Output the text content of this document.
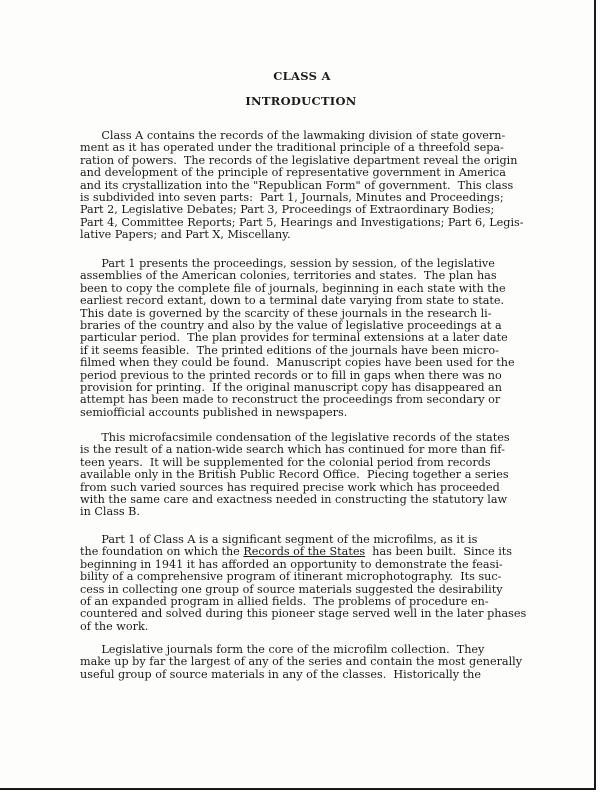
CLASS A
INTRODUCTION
Class A contains the records of the lawmaking division of state govern-
ment as it has operated under the traditional principle of a threefold sepa-
ration of powers.  The records of the legislative department reveal the origin
and development of the principle of representative government in America
and its crystallization into the "Republican Form" of government.  This class
is subdivided into seven parts:  Part 1, Journals, Minutes and Proceedings;
Part 2, Legislative Debates; Part 3, Proceedings of Extraordinary Bodies;
Part 4, Committee Reports; Part 5, Hearings and Investigations; Part 6, Legis-
lative Papers; and Part X, Miscellany.
Part 1 presents the proceedings, session by session, of the legislative
assemblies of the American colonies, territories and states.  The plan has
been to copy the complete file of journals, beginning in each state with the
earliest record extant, down to a terminal date varying from state to state.
This date is governed by the scarcity of these journals in the research li-
braries of the country and also by the value of legislative proceedings at a
particular period.  The plan provides for terminal extensions at a later date
if it seems feasible.  The printed editions of the journals have been micro-
filmed when they could be found.  Manuscript copies have been used for the
period previous to the printed records or to fill in gaps when there was no
provision for printing.  If the original manuscript copy has disappeared an
attempt has been made to reconstruct the proceedings from secondary or
semiofficial accounts published in newspapers.
This microfacsimile condensation of the legislative records of the states
is the result of a nation-wide search which has continued for more than fif-
teen years.  It will be supplemented for the colonial period from records
available only in the British Public Record Office.  Piecing together a series
from such varied sources has required precise work which has proceeded
with the same care and exactness needed in constructing the statutory law
in Class B.
Part 1 of Class A is a significant segment of the microfilms, as it is
the foundation on which the Records of the States  has been built.  Since its
beginning in 1941 it has afforded an opportunity to demonstrate the feasi-
bility of a comprehensive program of itinerant microphotography.  Its suc-
cess in collecting one group of source materials suggested the desirability
of an expanded program in allied fields.  The problems of procedure en-
countered and solved during this pioneer stage served well in the later phases
of the work.
Legislative journals form the core of the microfilm collection.  They
make up by far the largest of any of the series and contain the most generally
useful group of source materials in any of the classes.  Historically the
